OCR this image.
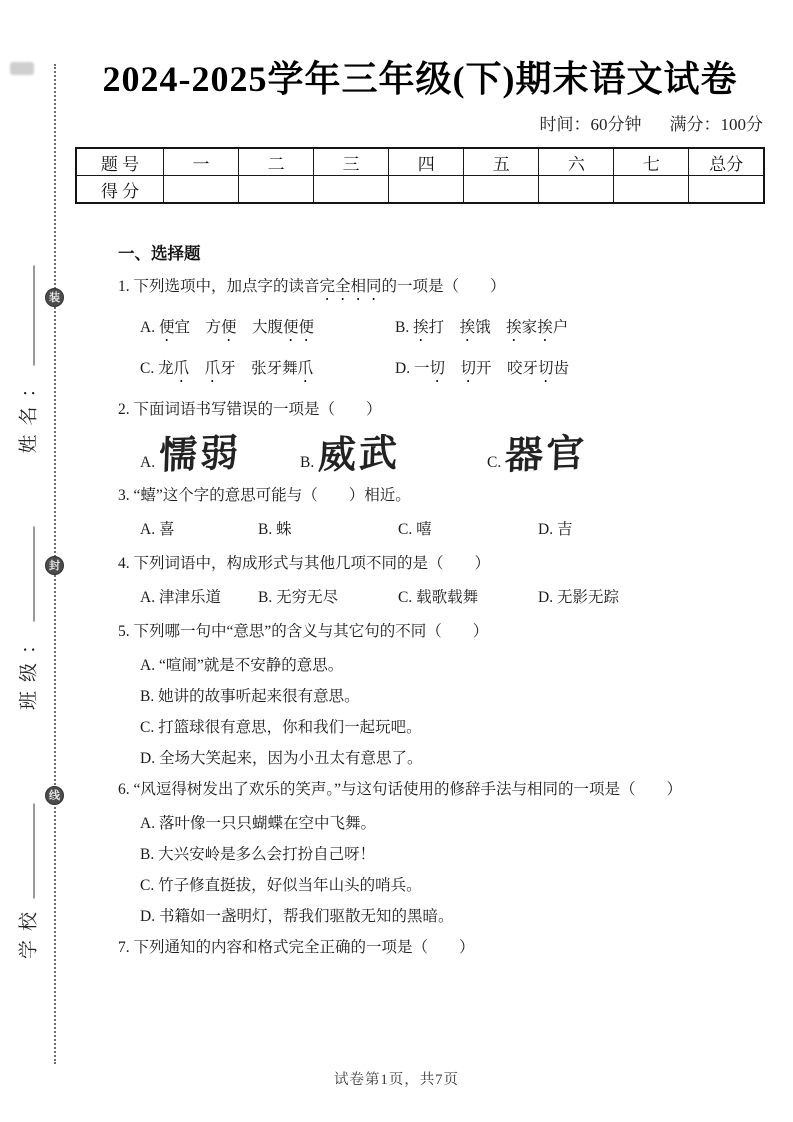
装
封
线
姓名：
班级：
学校
2024-2025学年三年级(下)期末语文试卷
时间：60分钟 满分：100分
题 号	一	二	三	四	五	六	七	总分
得 分								
一、选择题
1. 下列选项中，加点字的读音完全相同的一项是（　　）
A. 便宜　方便　大腹便便	B. 挨打　挨饿　挨家挨户
C. 龙爪　 爪牙　张牙舞爪	D. 一切　 切开　咬牙切齿
2. 下面词语书写错误的一项是（　　）
A. 懦弱	B. 威武	C. 器官
3. “蟢”这个字的意思可能与（　　）相近。
A. 喜	B. 蛛	C. 嘻	D. 吉
4. 下列词语中，构成形式与其他几项不同的是（　　）
A. 津津乐道	B. 无穷无尽	C. 载歌载舞	D. 无影无踪
5. 下列哪一句中“意思”的含义与其它句的不同（　　）
A. “喧闹”就是不安静的意思。
B. 她讲的故事听起来很有意思。
C. 打篮球很有意思，你和我们一起玩吧。
D. 全场大笑起来，因为小丑太有意思了。
6. “风逗得树发出了欢乐的笑声。”与这句话使用的修辞手法与相同的一项是（　　）
A. 落叶像一只只蝴蝶在空中飞舞。
B. 大兴安岭是多么会打扮自己呀！
C. 竹子修直挺拔，好似当年山头的哨兵。
D. 书籍如一盏明灯，帮我们驱散无知的黑暗。
7. 下列通知的内容和格式完全正确的一项是（　　）
试卷第1页，共7页
